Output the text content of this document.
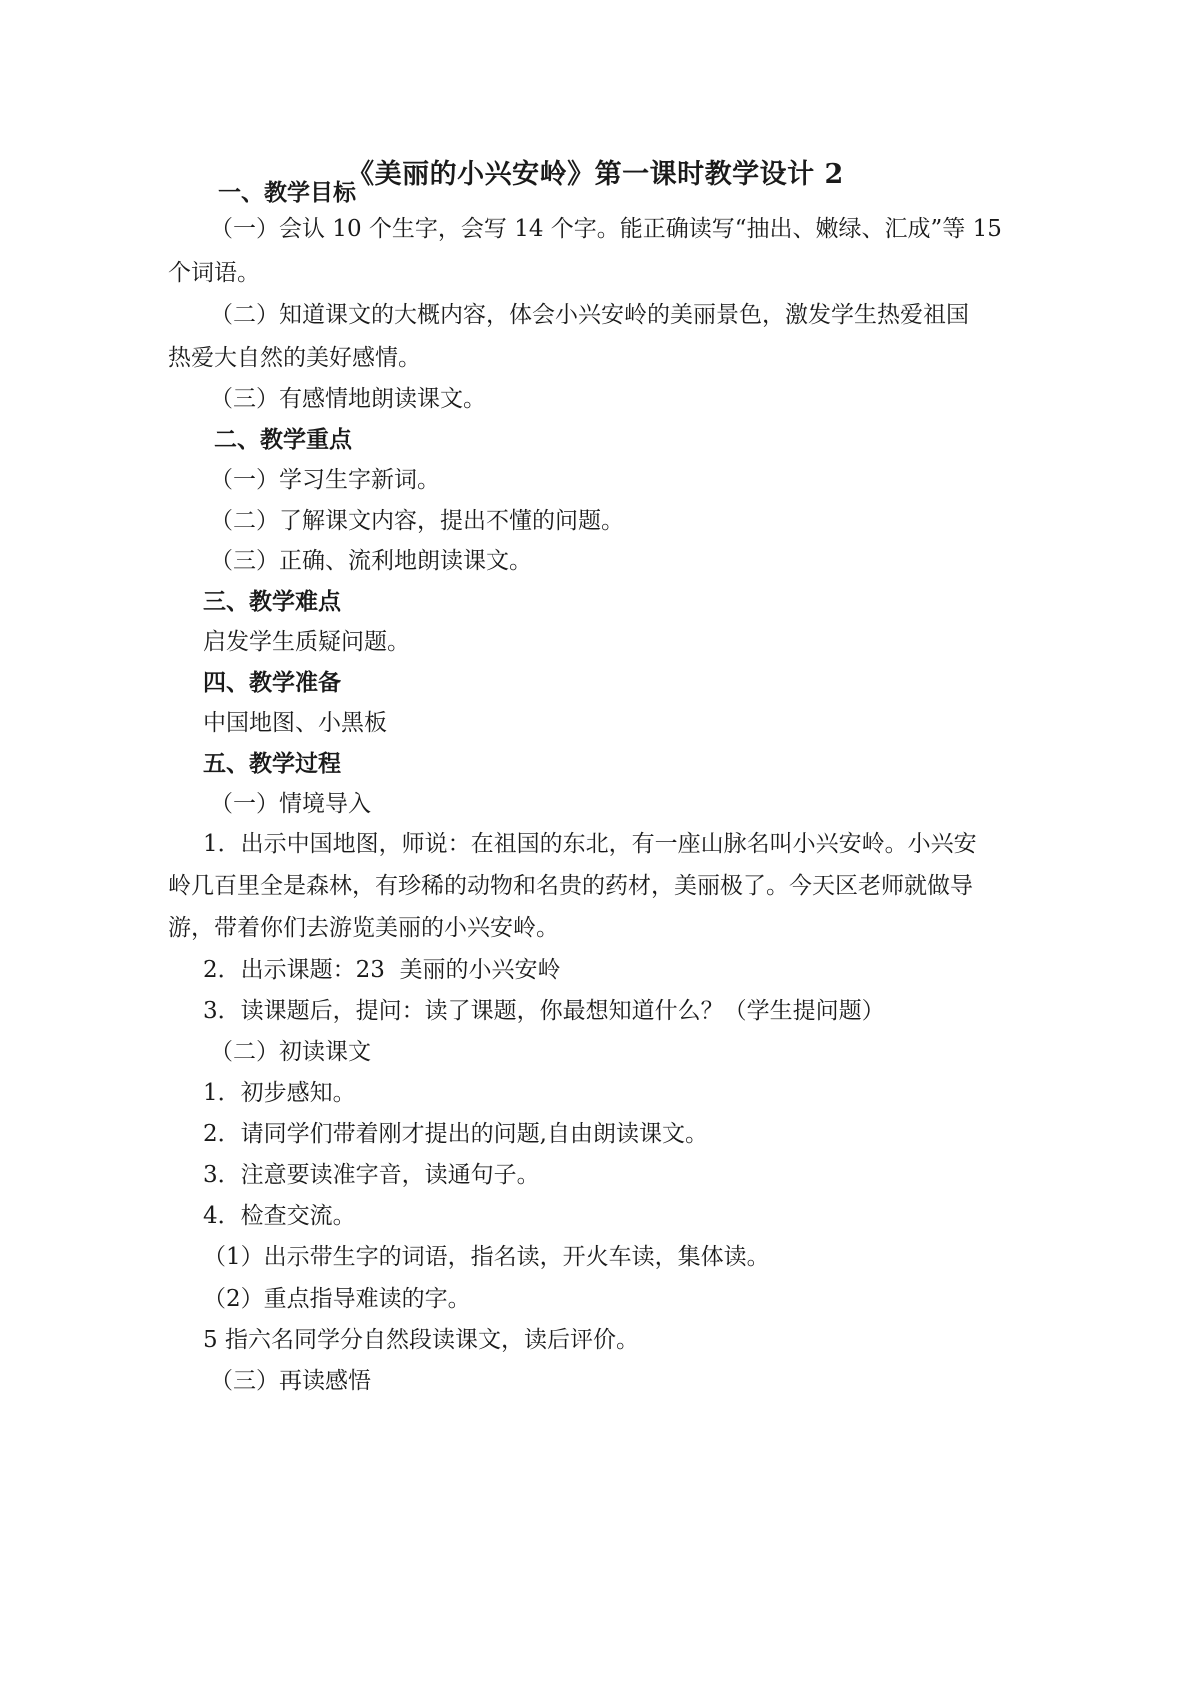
《美丽的小兴安岭》第一课时教学设计 2
一、教学目标
（一）会认 10 个生字，会写 14 个字。能正确读写“抽出、嫩绿、汇成”等 15
个词语。
（二）知道课文的大概内容，体会小兴安岭的美丽景色，激发学生热爱祖国
热爱大自然的美好感情。
（三）有感情地朗读课文。
二、教学重点
（一）学习生字新词。
（二）了解课文内容，提出不懂的问题。
（三）正确、流利地朗读课文。
三、教学难点
启发学生质疑问题。
四、教学准备
中国地图、小黑板
五、教学过程
（一）情境导入
1．出示中国地图，师说：在祖国的东北，有一座山脉名叫小兴安岭。小兴安
岭几百里全是森林，有珍稀的动物和名贵的药材，美丽极了。今天区老师就做导
游，带着你们去游览美丽的小兴安岭。
2．出示课题：23  美丽的小兴安岭
3．读课题后，提问：读了课题，你最想知道什么？（学生提问题）
（二）初读课文
1．初步感知。
2．请同学们带着刚才提出的问题,自由朗读课文。
3．注意要读准字音，读通句子。
4．检查交流。
（1）出示带生字的词语，指名读，开火车读，集体读。
（2）重点指导难读的字。
5 指六名同学分自然段读课文，读后评价。
（三）再读感悟
